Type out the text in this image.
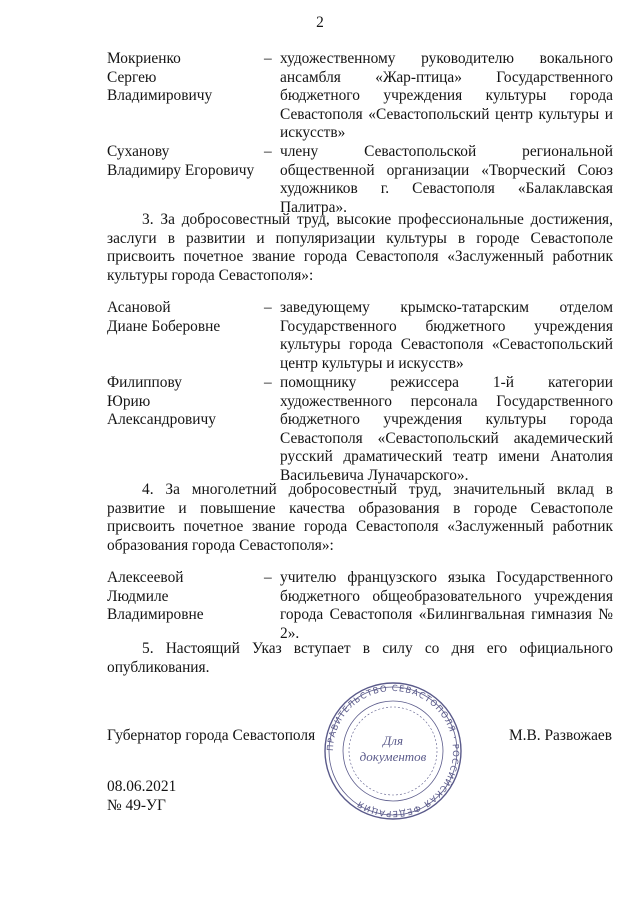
2
Мокриенко
Сергею
Владимировичу
– художественному руководителю вокального ансамбля «Жар-птица» Государственного бюджетного учреждения культуры города Севастополя «Севастопольский центр культуры и искусств»
Суханову
Владимиру Егоровичу
– члену Севастопольской региональной общественной организации «Творческий Союз художников г. Севастополя «Балаклавская Палитра».
3. За добросовестный труд, высокие профессиональные достижения, заслуги в развитии и популяризации культуры в городе Севастополе присвоить почетное звание города Севастополя «Заслуженный работник культуры города Севастополя»:
Асановой
Диане Боберовне
– заведующему крымско-татарским отделом Государственного бюджетного учреждения культуры города Севастополя «Севастопольский центр культуры и искусств»
Филиппову
Юрию
Александровичу
– помощнику режиссера 1-й категории художественного персонала Государственного бюджетного учреждения культуры города Севастополя «Севастопольский академический русский драматический театр имени Анатолия Васильевича Луначарского».
4. За многолетний добросовестный труд, значительный вклад в развитие и повышение качества образования в городе Севастополе присвоить почетное звание города Севастополя «Заслуженный работник образования города Севастополя»:
Алексеевой
Людмиле
Владимировне
– учителю французского языка Государственного бюджетного общеобразовательного учреждения города Севастополя «Билингвальная гимназия № 2».
5. Настоящий Указ вступает в силу со дня его официального опубликования.
ПРАВИТЕЛЬСТВО СЕВАСТОПОЛЯ · РОССИЙСКАЯ ФЕДЕРАЦИЯ
Для
документов
Губернатор города Севастополя	М.В. Развожаев
08.06.2021
№ 49-УГ
